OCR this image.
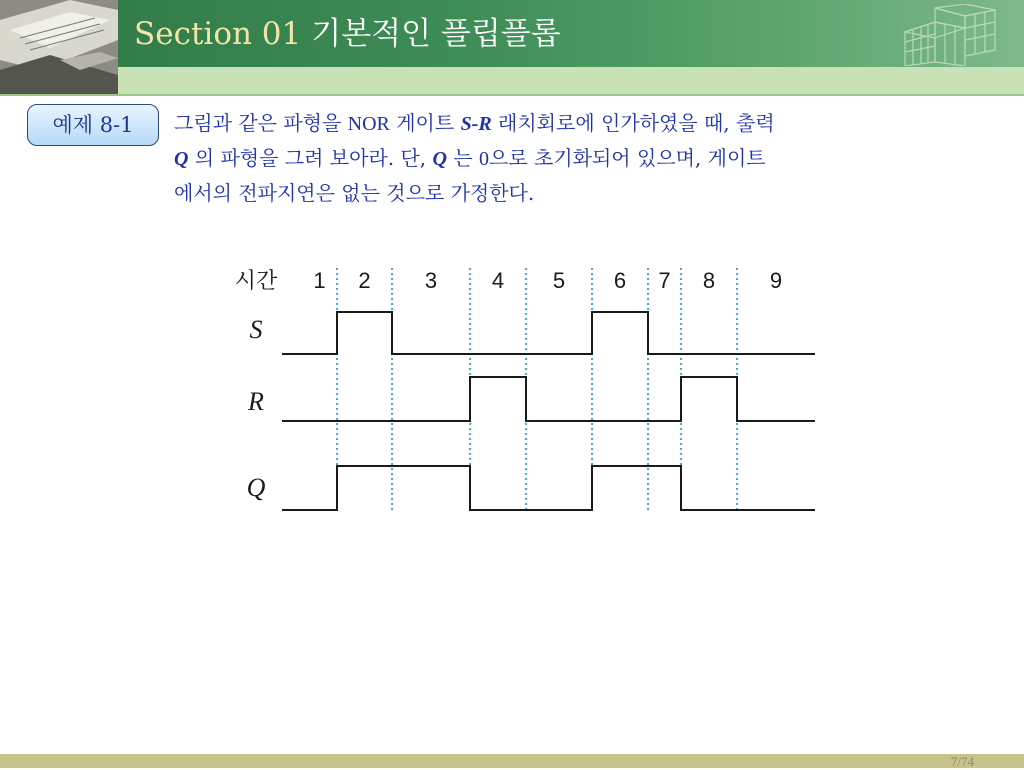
Section 01 기본적인 플립플롭
예제 8-1	그림과 같은 파형을 NOR 게이트 S-R 래치회로에 인가하였을 때, 출력
Q 의 파형을 그려 보아라. 단, Q 는 0으로 초기화되어 있으며, 게이트
에서의 전파지연은 없는 것으로 가정한다.
시간 1 2 3 4 5 6 7 8 9
S
R
Q
7/74
